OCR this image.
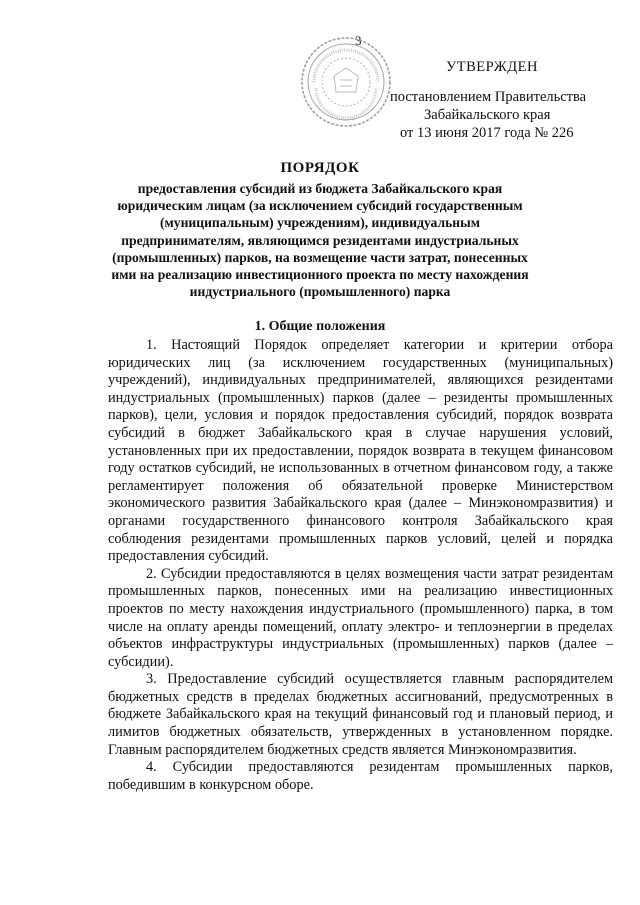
3
УТВЕРЖДЕН
постановлением Правительства
Забайкальского края
от 13 июня 2017 года № 226
ПОРЯДОК
предоставления субсидий из бюджета Забайкальского края юридическим лицам (за исключением субсидий государственным (муниципальным) учреждениям), индивидуальным предпринимателям, являющимся резидентами индустриальных (промышленных) парков, на возмещение части затрат, понесенных ими на реализацию инвестиционного проекта по месту нахождения индустриального (промышленного) парка
1. Общие положения

1. Настоящий Порядок определяет категории и критерии отбора юридических лиц (за исключением государственных (муниципальных) учреждений), индивидуальных предпринимателей, являющихся резидентами индустриальных (промышленных) парков (далее – резиденты промышленных парков), цели, условия и порядок предоставления субсидий, порядок возврата субсидий в бюджет Забайкальского края в случае нарушения условий, установленных при их предоставлении, порядок возврата в текущем финансовом году остатков субсидий, не использованных в отчетном финансовом году, а также регламентирует положения об обязательной проверке Министерством экономического развития Забайкальского края (далее – Минэкономразвития) и органами государственного финансового контроля Забайкальского края соблюдения резидентами промышленных парков условий, целей и порядка предоставления субсидий.

2. Субсидии предоставляются в целях возмещения части затрат резидентам промышленных парков, понесенных ими на реализацию инвестиционных проектов по месту нахождения индустриального (промышленного) парка, в том числе на оплату аренды помещений, оплату электро- и теплоэнергии в пределах объектов инфраструктуры индустриальных (промышленных) парков (далее – субсидии).

3. Предоставление субсидий осуществляется главным распорядителем бюджетных средств в пределах бюджетных ассигнований, предусмотренных в бюджете Забайкальского края на текущий финансовый год и плановый период, и лимитов бюджетных обязательств, утвержденных в установленном порядке. Главным распорядителем бюджетных средств является Минэкономразвития.

4. Субсидии предоставляются резидентам промышленных парков, победившим в конкурсном оборе.
